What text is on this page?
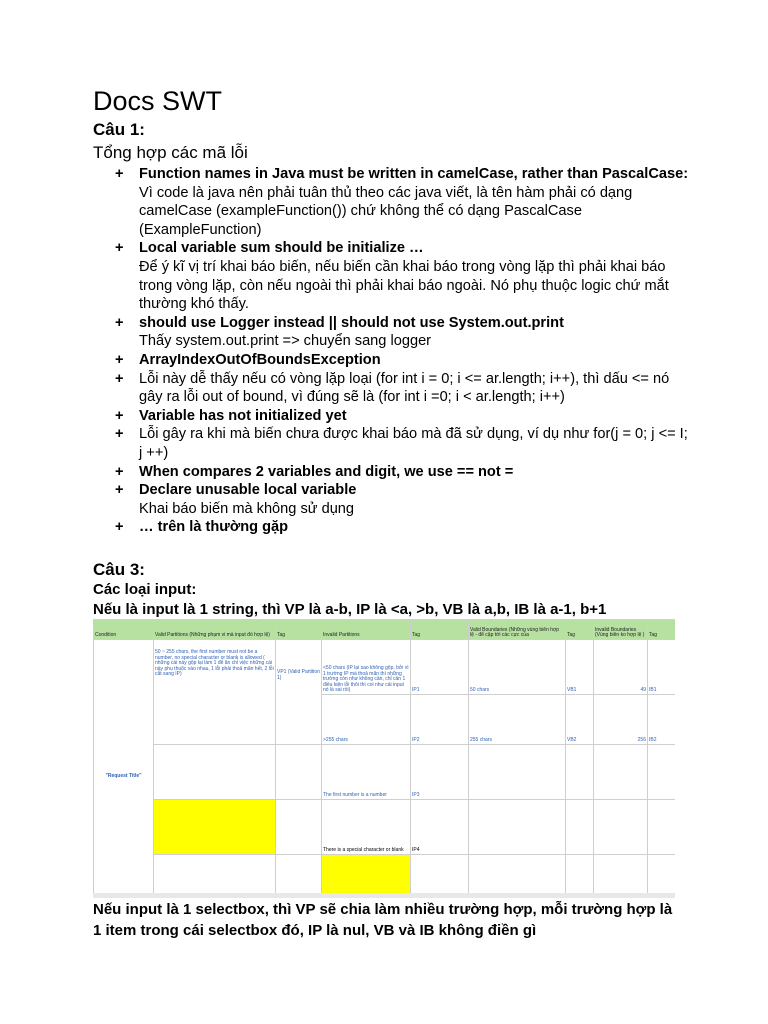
Docs SWT
Câu 1:
Tổng hợp các mã lỗi
+ Function names in Java must be written in camelCase, rather than PascalCase:
Vì code là java nên phải tuân thủ theo các java viết, là tên hàm phải có dạng camelCase (exampleFunction()) chứ không thể có dạng PascalCase (ExampleFunction)
+ Local variable sum should be initialize …
Để ý kĩ vị trí khai báo biến, nếu biến cần khai báo trong vòng lặp thì phải khai báo trong vòng lặp, còn nếu ngoài thì phải khai báo ngoài. Nó phụ thuộc logic chứ mắt thường khó thấy.
+ should use Logger instead || should not use System.out.print
Thấy system.out.print => chuyển sang logger
+ ArrayIndexOutOfBoundsException
+ Lỗi này dễ thấy nếu có vòng lặp loại (for int i = 0; i <= ar.length; i++), thì dấu <= nó gây ra lỗi out of bound, vì đúng sẽ là (for int i =0; i < ar.length; i++)
+ Variable has not initialized yet
+ Lỗi gây ra khi mà biến chưa được khai báo mà đã sử dụng, ví dụ như for(j = 0; j <= I; j ++)
+ When compares 2 variables and digit, we use == not =
+ Declare unusable local variable
Khai báo biến mà không sử dụng
+ … trên là thường gặp
Câu 3:
Các loại input:
Nếu là input là 1 string, thì VP là a-b, IP là <a, >b, VB là a,b, IB là a-1, b+1
Condition	Valid Partitions (Những phạm vi mà input đó hợp lệ)	Tag	Invalid Partitions	Tag	Valid Boundaries (Những vùng biên hợp lệ - để cập tới các cực của	Tag	Invalid Boundaries (Vùng biên ko hợp lệ )	Tag
"Request Title"	50 ~ 255 chars, the first number must not be a number, no special character or blank is allowed ( những cái này gộp lại làm 1 để ăn chỉ việc những cái này phụ thuộc vào nhau, 1 lỗi phải thoả mãn hết, 2 lỗi cắt sang IP)	VP1 (Valid Partition 1)	<50 chars (IP lại sao không gộp, bởi vì 1 trường IP mà thoả mãn thì những trường còn như không cần, chỉ cần 1 điều kiện lỗi thôi thì coi như cái input nó là sai rồi)	IP1	50 chars	VB1	49	IB1
			>255 chars	IP2	255 chars	VB2	256	IB2
			The first number is a number	IP3				
			There is a special character or blank	IP4				

Nếu input là 1 selectbox, thì VP sẽ chia làm nhiều trường hợp, mỗi trường hợp là 1 item trong cái selectbox đó, IP là nul, VB và IB không điền gì
